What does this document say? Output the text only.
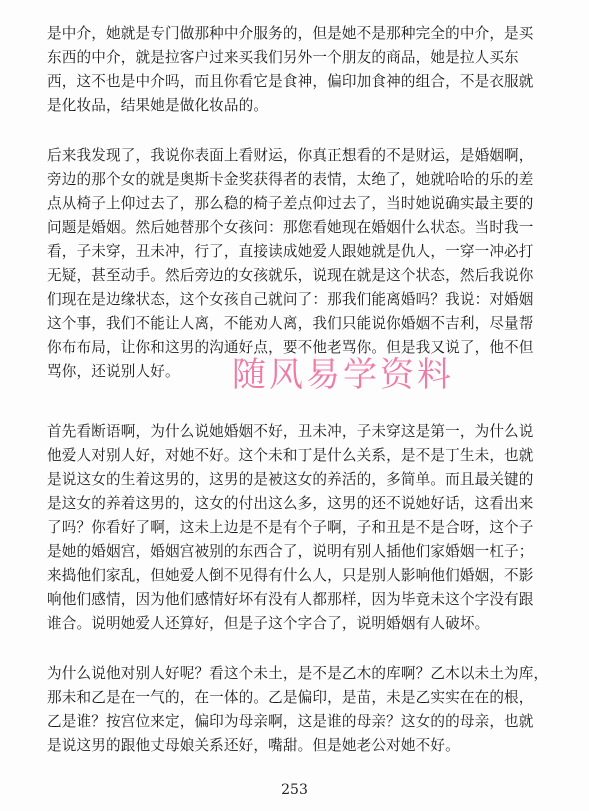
是中介，她就是专门做那种中介服务的，但是她不是那种完全的中介，是买
东西的中介，就是拉客户过来买我们另外一个朋友的商品，她是拉人买东
西，这不也是中介吗，而且你看它是食神，偏印加食神的组合，不是衣服就
是化妆品，结果她是做化妆品的。
后来我发现了，我说你表面上看财运，你真正想看的不是财运，是婚姻啊，
旁边的那个女的就是奥斯卡金奖获得者的表情，太绝了，她就哈哈的乐的差
点从椅子上仰过去了，那么稳的椅子差点仰过去了，当时她说确实最主要的
问题是婚姻。然后她替那个女孩问：那您看她现在婚姻什么状态。当时我一
看，子未穿，丑未冲，行了，直接读成她爱人跟她就是仇人，一穿一冲必打
无疑，甚至动手。然后旁边的女孩就乐，说现在就是这个状态，然后我说你
们现在是边缘状态，这个女孩自己就问了：那我们能离婚吗？我说：对婚姻
这个事，我们不能让人离，不能劝人离，我们只能说你婚姻不吉利，尽量帮
你布布局，让你和这男的沟通好点，要不他老骂你。但是我又说了，他不但
骂你，还说别人好。
首先看断语啊，为什么说她婚姻不好，丑未冲，子未穿这是第一，为什么说
他爱人对别人好，对她不好。这个未和丁是什么关系，是不是丁生未，也就
是说这女的生着这男的，这男的是被这女的养活的，多简单。而且最关键的
是这女的养着这男的，这女的付出这么多，这男的还不说她好话，这看出来
了吗？你看好了啊，这未上边是不是有个子啊，子和丑是不是合呀，这个子
是她的婚姻宫，婚姻宫被别的东西合了，说明有别人插他们家婚姻一杠子；
来捣他们家乱，但她爱人倒不见得有什么人，只是别人影响他们婚姻，不影
响他们感情，因为他们感情好坏有没有人都那样，因为毕竟未这个字没有跟
谁合。说明她爱人还算好，但是子这个字合了，说明婚姻有人破坏。
为什么说他对别人好呢？看这个未土，是不是乙木的库啊？乙木以未土为库，
那未和乙是在一气的，在一体的。乙是偏印，是苗，未是乙实实在在的根，
乙是谁？按宫位来定，偏印为母亲啊，这是谁的母亲？这女的的母亲，也就
是说这男的跟他丈母娘关系还好，嘴甜。但是她老公对她不好。
随风易学资料
253
